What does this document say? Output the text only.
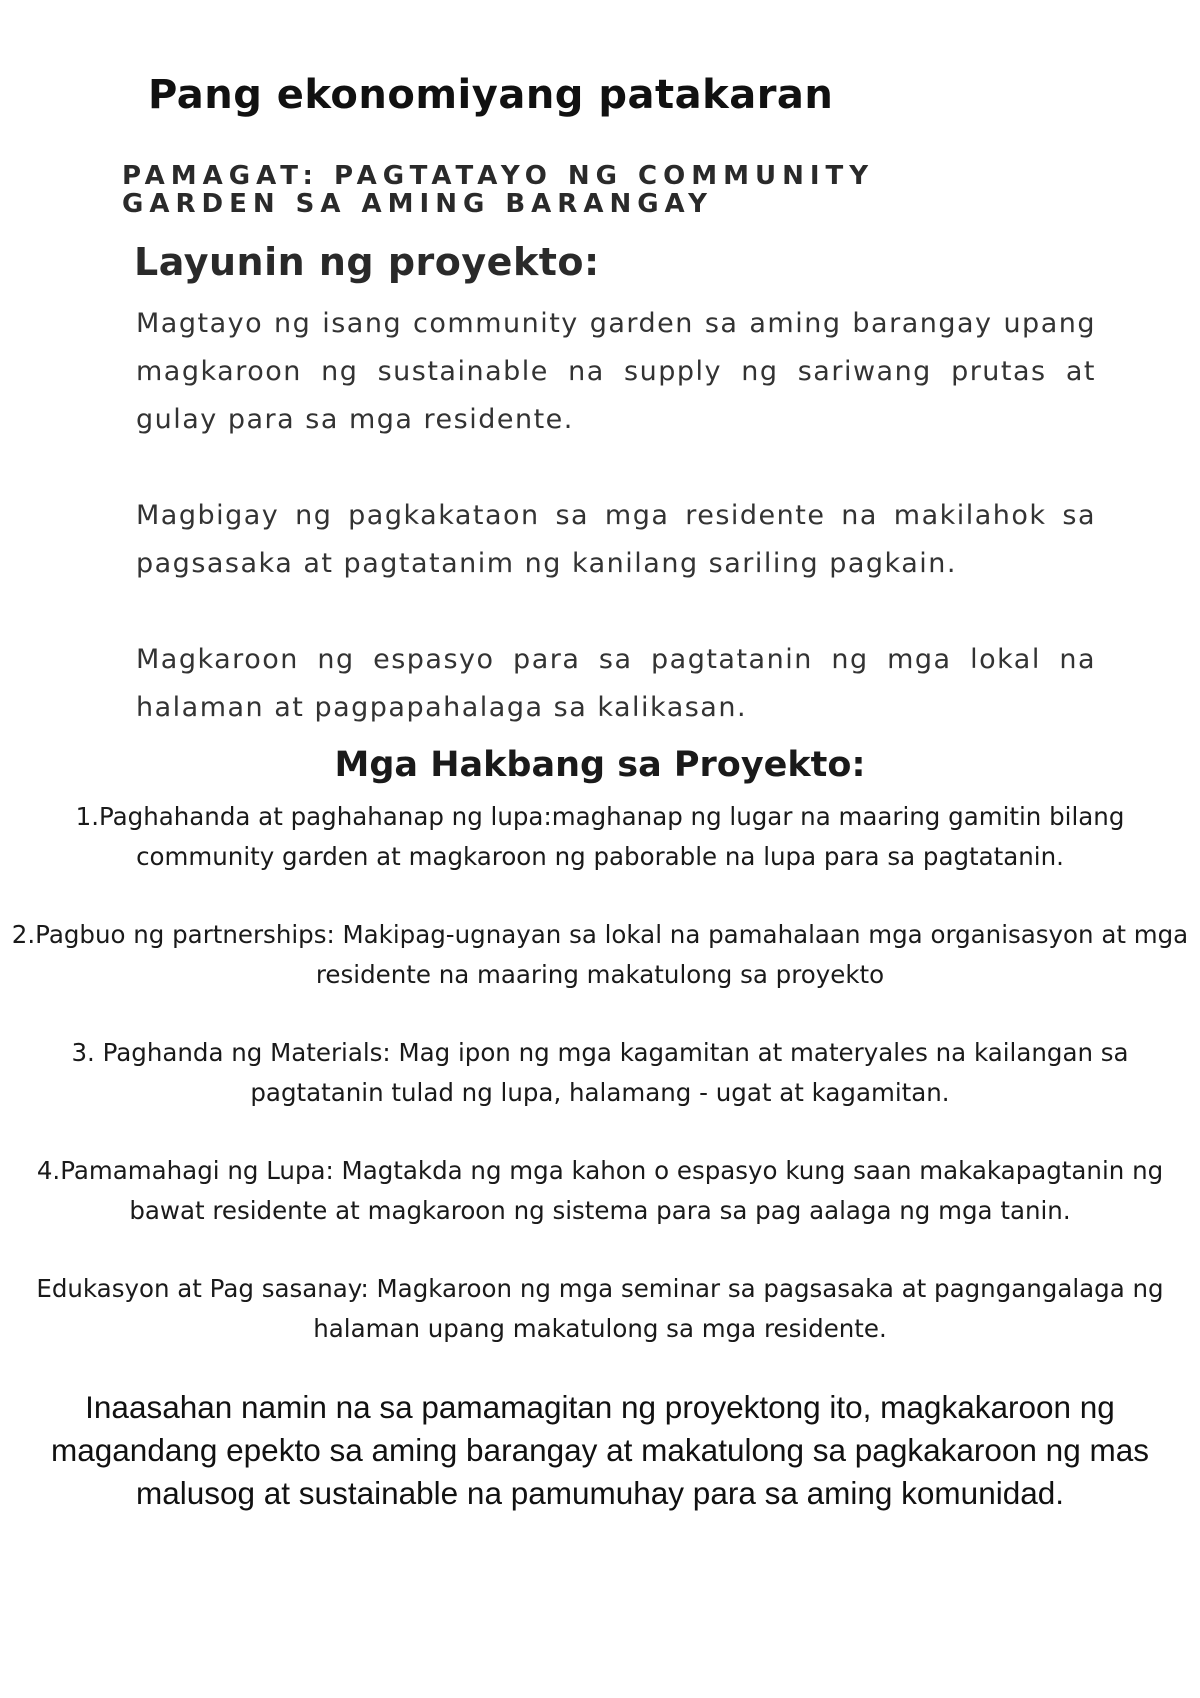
Pang ekonomiyang patakaran
PAMAGAT: PAGTATAYO NG COMMUNITY GARDEN SA AMING BARANGAY
Layunin ng proyekto:

Magtayo ng isang community garden sa aming barangay upang magkaroon ng sustainable na supply ng sariwang prutas at gulay para sa mga residente.

Magbigay ng pagkakataon sa mga residente na makilahok sa pagsasaka at pagtatanim ng kanilang sariling pagkain.

Magkaroon ng espasyo para sa pagtatanin ng mga lokal na halaman at pagpapahalaga sa kalikasan.

Mga Hakbang sa Proyekto:

1.Paghahanda at paghahanap ng lupa:maghanap ng lugar na maaring gamitin bilang community garden at magkaroon ng paborable na lupa para sa pagtatanin.

2.Pagbuo ng partnerships: Makipag-ugnayan sa lokal na pamahalaan mga organisasyon at mga residente na maaring makatulong sa proyekto

3. Paghanda ng Materials: Mag ipon ng mga kagamitan at materyales na kailangan sa pagtatanin tulad ng lupa, halamang - ugat at kagamitan.

4.Pamamahagi ng Lupa: Magtakda ng mga kahon o espasyo kung saan makakapagtanin ng bawat residente at magkaroon ng sistema para sa pag aalaga ng mga tanin.

Edukasyon at Pag sasanay: Magkaroon ng mga seminar sa pagsasaka at pagngangalaga ng halaman upang makatulong sa mga residente.

Inaasahan namin na sa pamamagitan ng proyektong ito, magkakaroon ng magandang epekto sa aming barangay at makatulong sa pagkakaroon ng mas malusog at sustainable na pamumuhay para sa aming komunidad.
